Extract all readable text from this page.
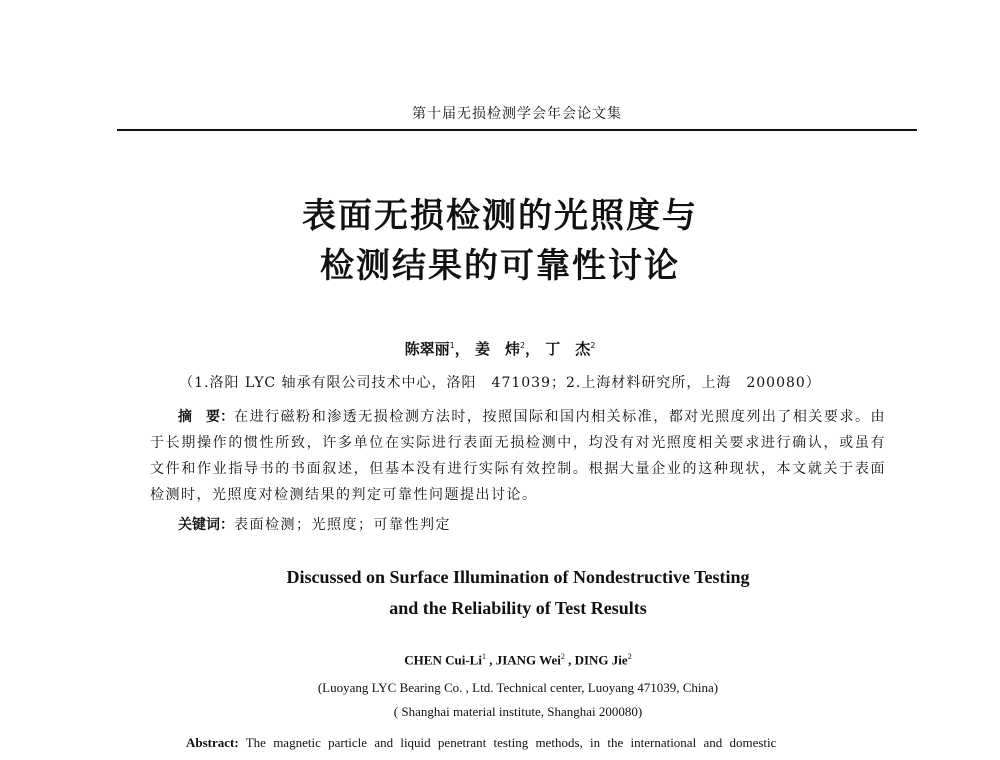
第十届无损检测学会年会论文集
表面无损检测的光照度与
检测结果的可靠性讨论
陈翠丽$^1$， 姜　炜$^2$， 丁　杰$^2$
（1.洛阳 LYC 轴承有限公司技术中心，洛阳　471039；2.上海材料研究所，上海　200080）
摘　要：在进行磁粉和渗透无损检测方法时，按照国际和国内相关标准，都对光照度列出了相关要求。由于长期操作的惯性所致，许多单位在实际进行表面无损检测中，均没有对光照度相关要求进行确认，或虽有文件和作业指导书的书面叙述，但基本没有进行实际有效控制。根据大量企业的这种现状，本文就关于表面检测时，光照度对检测结果的判定可靠性问题提出讨论。
关键词：表面检测；光照度；可靠性判定
Discussed on Surface Illumination of Nondestructive Testing
and the Reliability of Test Results
CHEN Cui-Li$^1$ , JIANG Wei$^2$ , DING Jie$^2$
(Luoyang LYC Bearing Co. , Ltd. Technical center, Luoyang 471039, China)
( Shanghai material institute, Shanghai 200080)
Abstract: The magnetic particle and liquid penetrant testing methods, in the international and domestic
